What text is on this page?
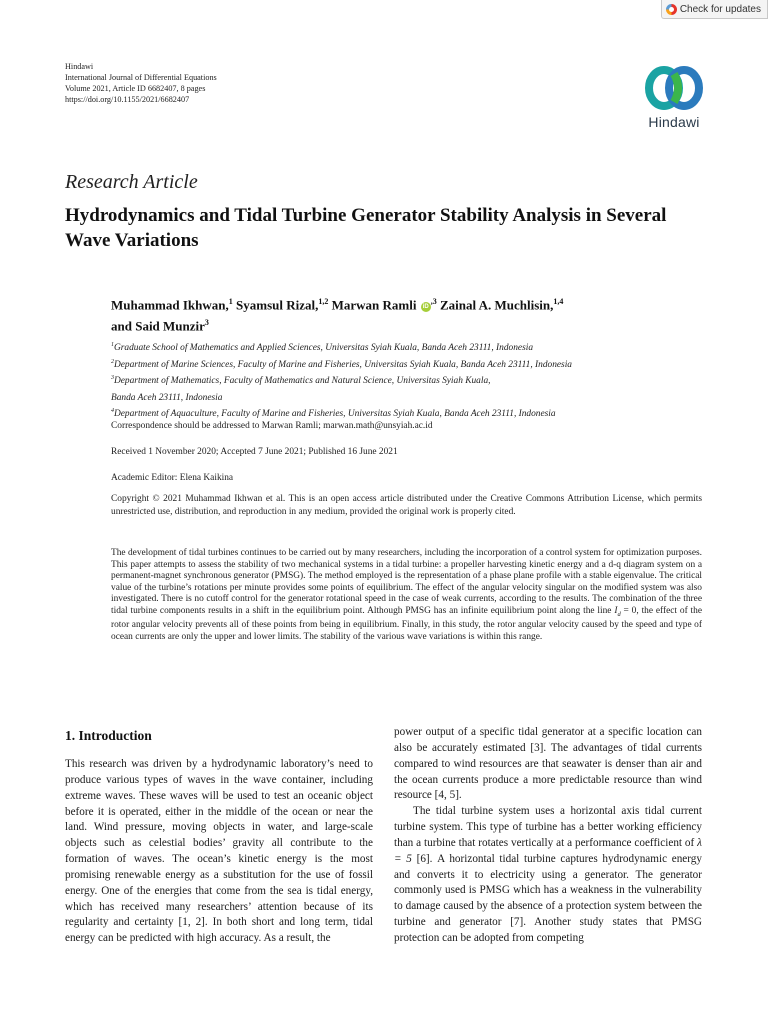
Check for updates
Hindawi
International Journal of Differential Equations
Volume 2021, Article ID 6682407, 8 pages
https://doi.org/10.1155/2021/6682407
Hindawi
Research Article
Hydrodynamics and Tidal Turbine Generator Stability Analysis in Several Wave Variations
Muhammad Ikhwan,$^1$ Syamsul Rizal,$^{1,2}$ Marwan Ramli $iD^{,3}$ Zainal A. Muchlisin,$^{1,4}$
and Said Munzir$^3$
$^1$Graduate School of Mathematics and Applied Sciences, Universitas Syiah Kuala, Banda Aceh 23111, Indonesia
$^2$Department of Marine Sciences, Faculty of Marine and Fisheries, Universitas Syiah Kuala, Banda Aceh 23111, Indonesia
$^3$Department of Mathematics, Faculty of Mathematics and Natural Science, Universitas Syiah Kuala,
Banda Aceh 23111, Indonesia
$^4$Department of Aquaculture, Faculty of Marine and Fisheries, Universitas Syiah Kuala, Banda Aceh 23111, Indonesia
Correspondence should be addressed to Marwan Ramli; marwan.math@unsyiah.ac.id
Received 1 November 2020; Accepted 7 June 2021; Published 16 June 2021
Academic Editor: Elena Kaikina
Copyright © 2021 Muhammad Ikhwan et al. This is an open access article distributed under the Creative Commons Attribution License, which permits unrestricted use, distribution, and reproduction in any medium, provided the original work is properly cited.
The development of tidal turbines continues to be carried out by many researchers, including the incorporation of a control system for optimization purposes. This paper attempts to assess the stability of two mechanical systems in a tidal turbine: a propeller harvesting kinetic energy and a d-q diagram system on a permanent-magnet synchronous generator (PMSG). The method employed is the representation of a phase plane profile with a stable eigenvalue. The critical value of the turbine’s rotations per minute provides some points of equilibrium. The effect of the angular velocity singular on the modified system was also investigated. There is no cutoff control for the generator rotational speed in the case of weak currents, according to the results. The combination of the three tidal turbine components results in a shift in the equilibrium point. Although PMSG has an infinite equilibrium point along the line $I_d = 0$, the effect of the rotor angular velocity prevents all of these points from being in equilibrium. Finally, in this study, the rotor angular velocity caused by the speed and type of ocean currents are only the upper and lower limits. The stability of the various wave variations is within this range.
1. Introduction

This research was driven by a hydrodynamic laboratory’s need to produce various types of waves in the wave container, including extreme waves. These waves will be used to test an oceanic object before it is operated, either in the middle of the ocean or near the land. Wind pressure, moving objects in water, and large-scale objects such as celestial bodies’ gravity all contribute to the formation of waves. The ocean’s kinetic energy is the most promising renewable energy as a substitution for the use of fossil energy. One of the energies that come from the sea is tidal energy, which has received many researchers’ attention because of its regularity and certainty [1, 2]. In both short and long term, tidal energy can be predicted with high accuracy. As a result, the

power output of a specific tidal generator at a specific location can also be accurately estimated [3]. The advantages of tidal currents compared to wind resources are that seawater is denser than air and the ocean currents produce a more predictable resource than wind resource [4, 5].

The tidal turbine system uses a horizontal axis tidal current turbine system. This type of turbine has a better working efficiency than a turbine that rotates vertically at a performance coefficient of λ = 5 [6]. A horizontal tidal turbine captures hydrodynamic energy and converts it to electricity using a generator. The generator commonly used is PMSG which has a weakness in the vulnerability to damage caused by the absence of a protection system between the turbine and generator [7]. Another study states that PMSG protection can be adopted from competing
